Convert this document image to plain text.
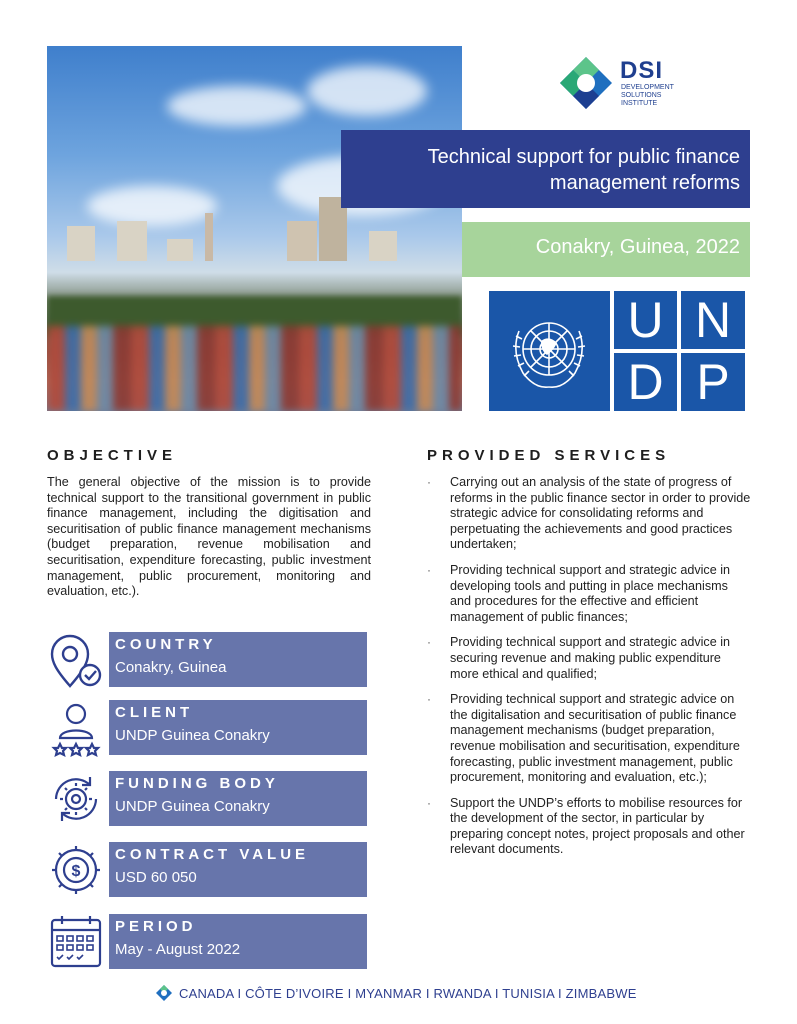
DSI
DEVELOPMENT
SOLUTIONS
INSTITUTE
Technical support for public finance
management reforms
Conakry, Guinea, 2022
U N
D P
OBJECTIVE
The general objective of the mission is to provide technical support to the transitional government in public finance management, including the digitisation and securitisation of public finance management mechanisms (budget preparation, revenue mobilisation and securitisation, expenditure forecasting, public investment management, public procurement, monitoring and evaluation, etc.).
COUNTRY
Conakry, Guinea
CLIENT
UNDP Guinea Conakry
FUNDING BODY
UNDP Guinea Conakry
$
CONTRACT VALUE
USD 60 050
PERIOD
May - August 2022
PROVIDED SERVICES
· Carrying out an analysis of the state of progress of reforms in the public finance sector in order to provide strategic advice for consolidating reforms and perpetuating the achievements and good practices undertaken;
· Providing technical support and strategic advice in developing tools and putting in place mechanisms and procedures for the effective and efficient management of public finances;
· Providing technical support and strategic advice in securing revenue and making public expenditure more ethical and qualified;
· Providing technical support and strategic advice on the digitalisation and securitisation of public finance management mechanisms (budget preparation, revenue mobilisation and securitisation, expenditure forecasting, public investment management, public procurement, monitoring and evaluation, etc.);
· Support the UNDP’s efforts to mobilise resources for the development of the sector, in particular by preparing concept notes, project proposals and other relevant documents.
CANADA I CÔTE D’IVOIRE I MYANMAR I RWANDA I TUNISIA I ZIMBABWE
